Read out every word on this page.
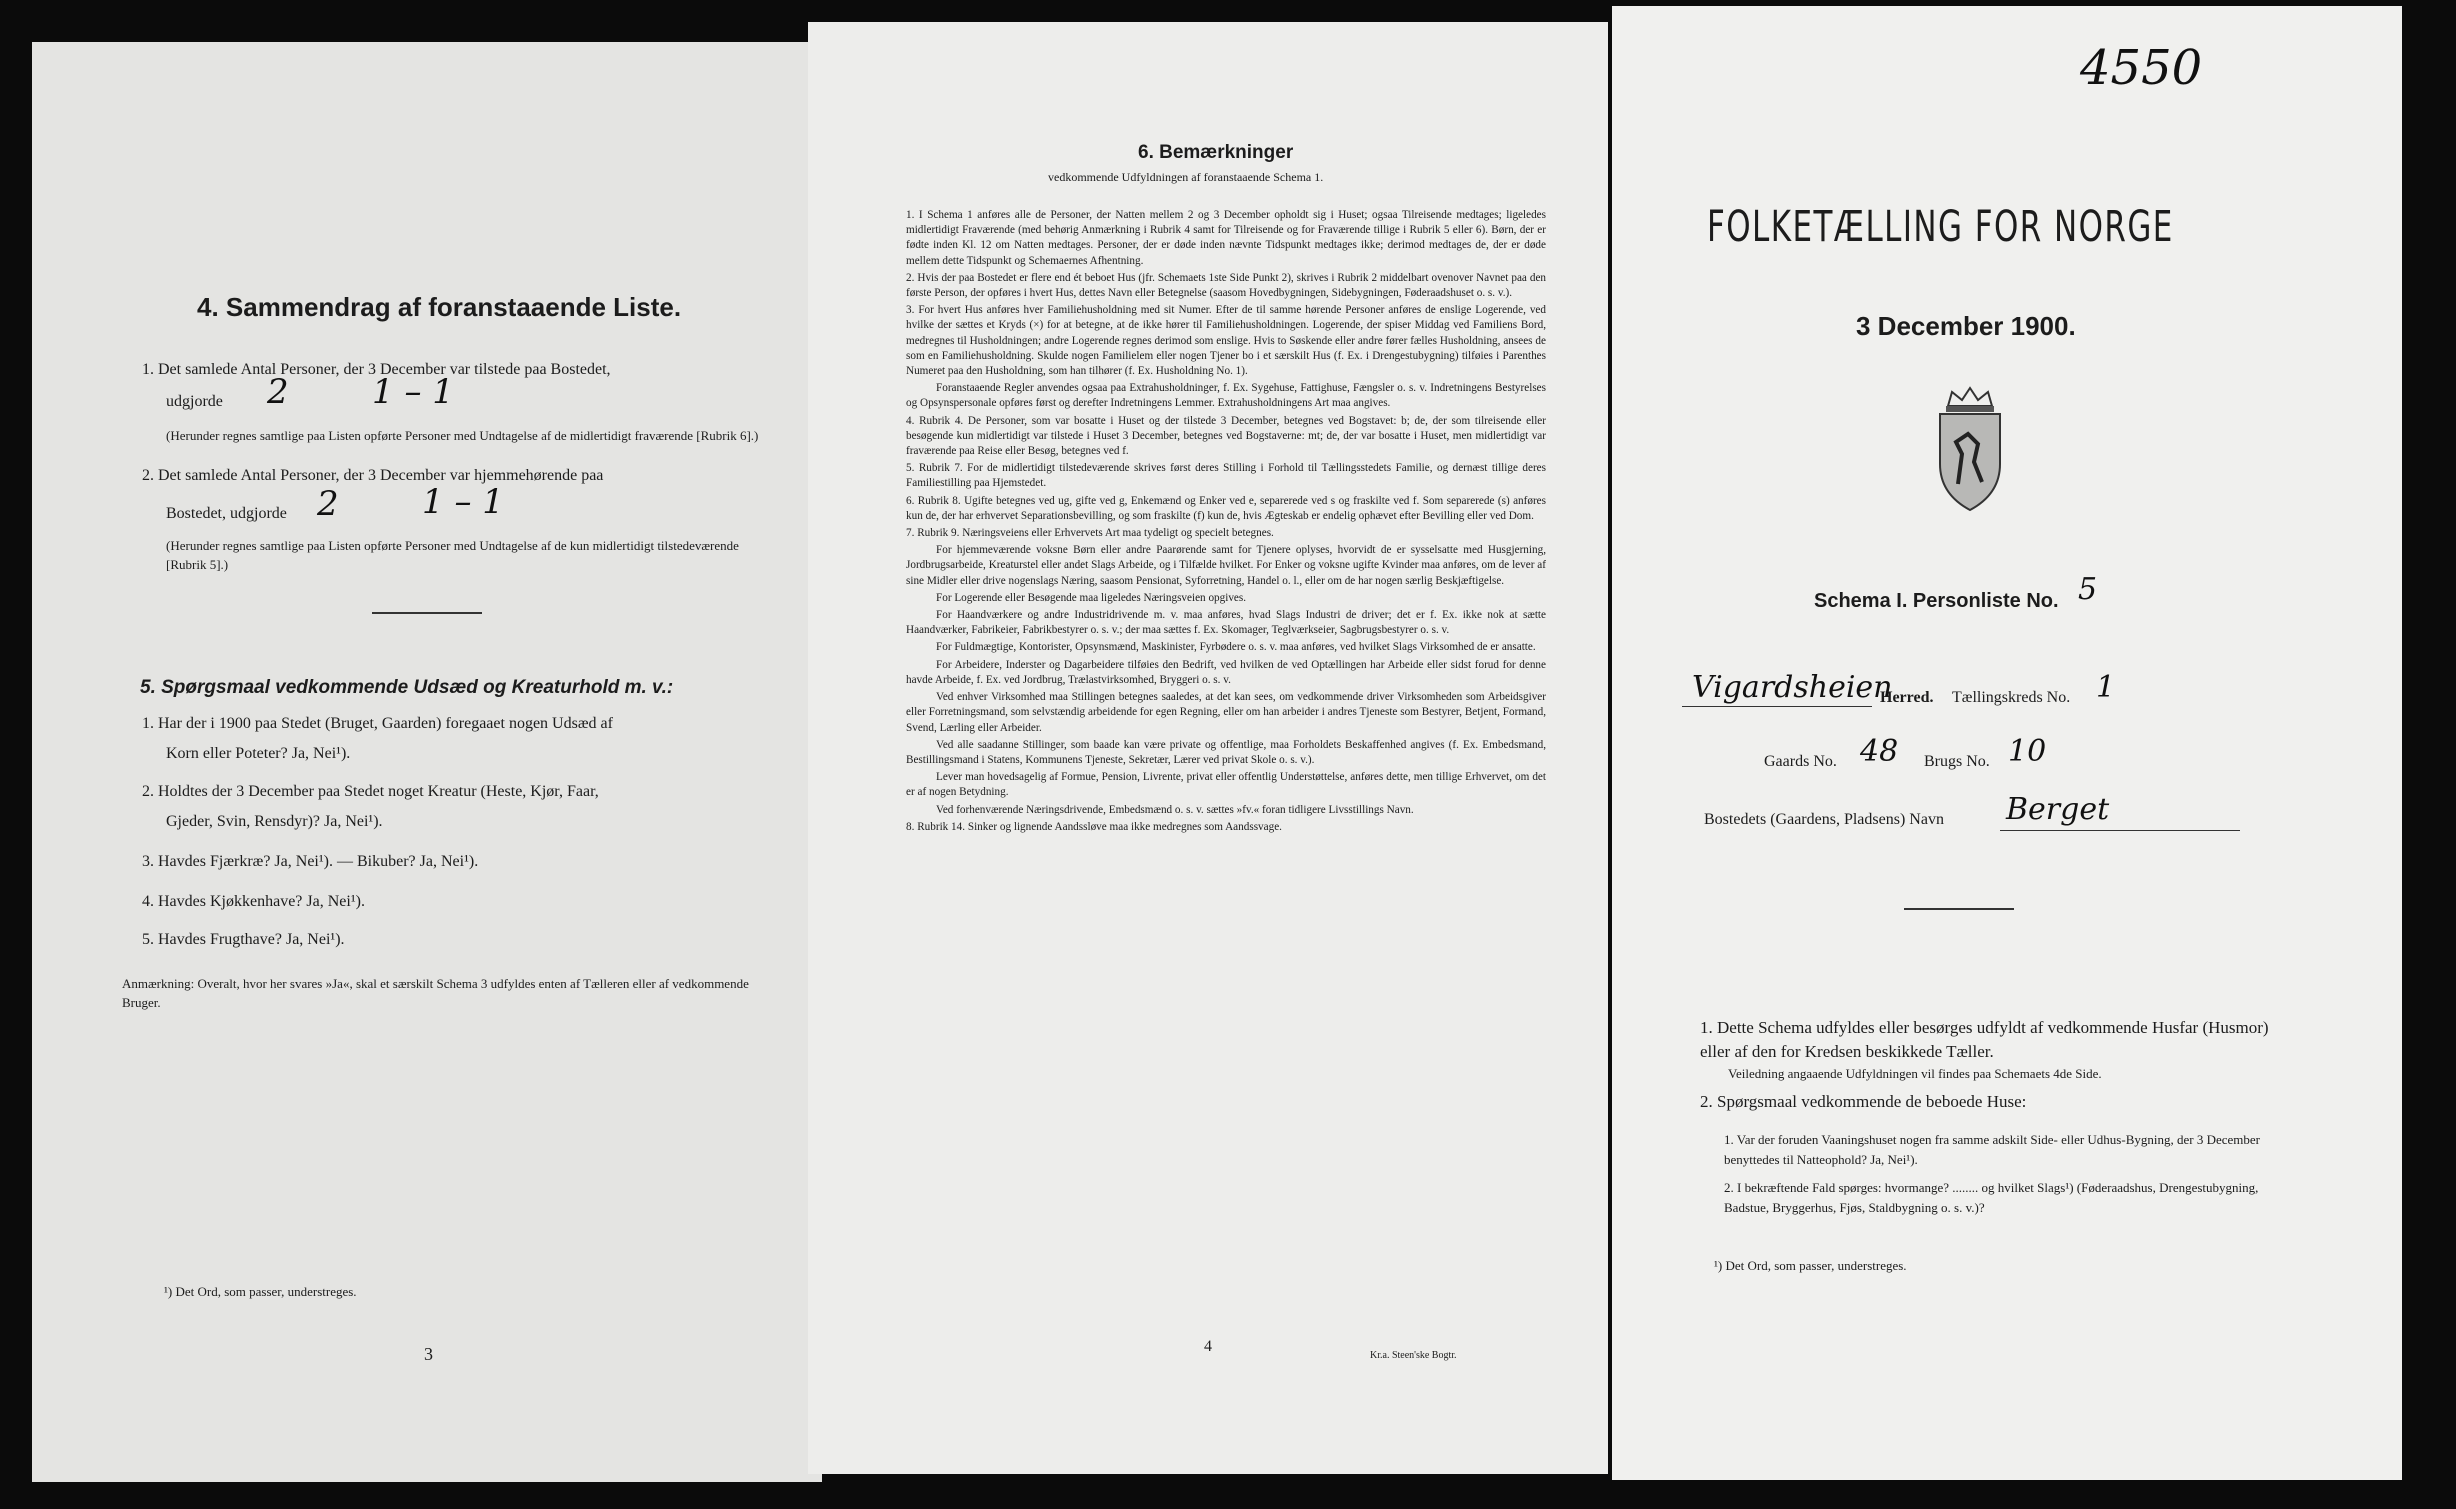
4. Sammendrag af foranstaaende Liste.
1. Det samlede Antal Personer, der 3 December var tilstede paa Bostedet,
udgjorde 2 1 – 1
(Herunder regnes samtlige paa Listen opførte Personer med Undtagelse af de midlertidigt fraværende [Rubrik 6].)
2. Det samlede Antal Personer, der 3 December var hjemmehørende paa
Bostedet, udgjorde 2 1 – 1
(Herunder regnes samtlige paa Listen opførte Personer med Undtagelse af de kun midlertidigt tilstedeværende [Rubrik 5].)
5. Spørgsmaal vedkommende Udsæd og Kreaturhold m. v.:
1. Har der i 1900 paa Stedet (Bruget, Gaarden) foregaaet nogen Udsæd af
Korn eller Poteter? Ja, Nei¹).
2. Holdtes der 3 December paa Stedet noget Kreatur (Heste, Kjør, Faar,
Gjeder, Svin, Rensdyr)? Ja, Nei¹).
3. Havdes Fjærkræ? Ja, Nei¹). — Bikuber? Ja, Nei¹).
4. Havdes Kjøkkenhave? Ja, Nei¹).
5. Havdes Frugthave? Ja, Nei¹).
Anmærkning: Overalt, hvor her svares »Ja«, skal et særskilt Schema 3 udfyldes enten af Tælleren eller af vedkommende Bruger.
¹) Det Ord, som passer, understreges.
3
6. Bemærkninger
vedkommende Udfyldningen af foranstaaende Schema 1.
1. I Schema 1 anføres alle de Personer, der Natten mellem 2 og 3 December opholdt sig i Huset; ogsaa Tilreisende medtages; ligeledes midlertidigt Fraværende (med behørig Anmærkning i Rubrik 4 samt for Tilreisende og for Fraværende tillige i Rubrik 5 eller 6). Børn, der er fødte inden Kl. 12 om Natten medtages. Personer, der er døde inden nævnte Tidspunkt medtages ikke; derimod medtages de, der er døde mellem dette Tidspunkt og Schemaernes Afhentning.
2. Hvis der paa Bostedet er flere end ét beboet Hus (jfr. Schemaets 1ste Side Punkt 2), skrives i Rubrik 2 middelbart ovenover Navnet paa den første Person, der opføres i hvert Hus, dettes Navn eller Betegnelse (saasom Hovedbygningen, Sidebygningen, Føderaadshuset o. s. v.).
3. For hvert Hus anføres hver Familiehusholdning med sit Numer. Efter de til samme hørende Personer anføres de enslige Logerende, ved hvilke der sættes et Kryds (×) for at betegne, at de ikke hører til Familiehusholdningen. Logerende, der spiser Middag ved Familiens Bord, medregnes til Husholdningen; andre Logerende regnes derimod som enslige. Hvis to Søskende eller andre fører fælles Husholdning, ansees de som en Familiehusholdning. Skulde nogen Familielem eller nogen Tjener bo i et særskilt Hus (f. Ex. i Drengestubygning) tilføies i Parenthes Numeret paa den Husholdning, som han tilhører (f. Ex. Husholdning No. 1).
Foranstaaende Regler anvendes ogsaa paa Extrahusholdninger, f. Ex. Sygehuse, Fattighuse, Fængsler o. s. v. Indretningens Bestyrelses og Opsynspersonale opføres først og derefter Indretningens Lemmer. Extrahusholdningens Art maa angives.
4. Rubrik 4. De Personer, som var bosatte i Huset og der tilstede 3 December, betegnes ved Bogstavet: b; de, der som tilreisende eller besøgende kun midlertidigt var tilstede i Huset 3 December, betegnes ved Bogstaverne: mt; de, der var bosatte i Huset, men midlertidigt var fraværende paa Reise eller Besøg, betegnes ved f.
5. Rubrik 7. For de midlertidigt tilstedeværende skrives først deres Stilling i Forhold til Tællingsstedets Familie, og dernæst tillige deres Familiestilling paa Hjemstedet.
6. Rubrik 8. Ugifte betegnes ved ug, gifte ved g, Enkemænd og Enker ved e, separerede ved s og fraskilte ved f. Som separerede (s) anføres kun de, der har erhvervet Separationsbevilling, og som fraskilte (f) kun de, hvis Ægteskab er endelig ophævet efter Bevilling eller ved Dom.
7. Rubrik 9. Næringsveiens eller Erhvervets Art maa tydeligt og specielt betegnes.
For hjemmeværende voksne Børn eller andre Paarørende samt for Tjenere oplyses, hvorvidt de er sysselsatte med Husgjerning, Jordbrugsarbeide, Kreaturstel eller andet Slags Arbeide, og i Tilfælde hvilket. For Enker og voksne ugifte Kvinder maa anføres, om de lever af sine Midler eller drive nogenslags Næring, saasom Pensionat, Syforretning, Handel o. l., eller om de har nogen særlig Beskjæftigelse.
For Logerende eller Besøgende maa ligeledes Næringsveien opgives.
For Haandværkere og andre Industridrivende m. v. maa anføres, hvad Slags Industri de driver; det er f. Ex. ikke nok at sætte Haandværker, Fabrikeier, Fabrikbestyrer o. s. v.; der maa sættes f. Ex. Skomager, Teglværkseier, Sagbrugsbestyrer o. s. v.
For Fuldmægtige, Kontorister, Opsynsmænd, Maskinister, Fyrbødere o. s. v. maa anføres, ved hvilket Slags Virksomhed de er ansatte.
For Arbeidere, Inderster og Dagarbeidere tilføies den Bedrift, ved hvilken de ved Optællingen har Arbeide eller sidst forud for denne havde Arbeide, f. Ex. ved Jordbrug, Trælastvirksomhed, Bryggeri o. s. v.
Ved enhver Virksomhed maa Stillingen betegnes saaledes, at det kan sees, om vedkommende driver Virksomheden som Arbeidsgiver eller Forretningsmand, som selvstændig arbeidende for egen Regning, eller om han arbeider i andres Tjeneste som Bestyrer, Betjent, Formand, Svend, Lærling eller Arbeider.
Ved alle saadanne Stillinger, som baade kan være private og offentlige, maa Forholdets Beskaffenhed angives (f. Ex. Embedsmand, Bestillingsmand i Statens, Kommunens Tjeneste, Sekretær, Lærer ved privat Skole o. s. v.).
Lever man hovedsagelig af Formue, Pension, Livrente, privat eller offentlig Understøttelse, anføres dette, men tillige Erhvervet, om det er af nogen Betydning.
Ved forhenværende Næringsdrivende, Embedsmænd o. s. v. sættes »fv.« foran tidligere Livsstillings Navn.
8. Rubrik 14. Sinker og lignende Aandssløve maa ikke medregnes som Aandssvage.
4
Kr.a. Steen'ske Bogtr.
4550
FOLKETÆLLING FOR NORGE
3 December 1900.
Schema I. Personliste No. 5
Vigardsheien
Herred. Tællingskreds No. 1
Gaards No. 48 Brugs No. 10
Bostedets (Gaardens, Pladsens) Navn Berget
1. Dette Schema udfyldes eller besørges udfyldt af vedkommende Husfar (Husmor) eller af den for Kredsen beskikkede Tæller.
Veiledning angaaende Udfyldningen vil findes paa Schemaets 4de Side.
2. Spørgsmaal vedkommende de beboede Huse:
1. Var der foruden Vaaningshuset nogen fra samme adskilt Side- eller Udhus-Bygning, der 3 December benyttedes til Natteophold? Ja, Nei¹).
2. I bekræftende Fald spørges: hvormange? ........ og hvilket Slags¹) (Føderaadshus, Drengestubygning, Badstue, Bryggerhus, Fjøs, Staldbygning o. s. v.)?
¹) Det Ord, som passer, understreges.
